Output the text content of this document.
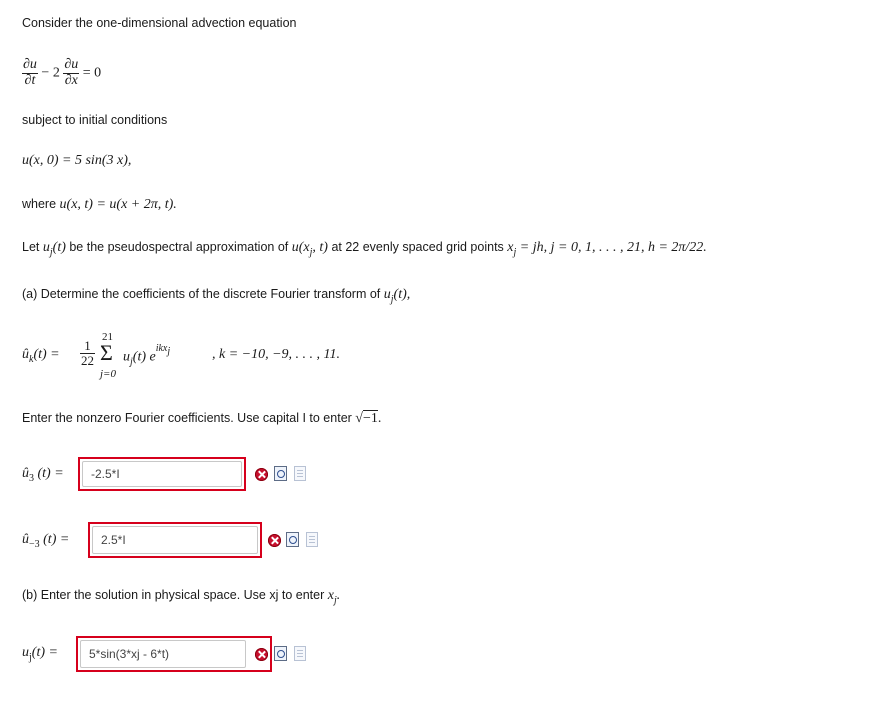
Consider the one-dimensional advection equation
$\frac{\partial u}{\partial t} - 2 \frac{\partial u}{\partial x} = 0$
subject to initial conditions
u(x, 0) = 5 sin(3 x),
where u(x, t) = u(x + 2π, t).
Let $u_j(t)$ be the pseudospectral approximation of $u(x_j$, t) at 22 evenly spaced grid points $x_j$ = jh, j = 0, 1, . . . , 21, h = 2π/22.
(a) Determine the coefficients of the discrete Fourier transform of $u_j(t)$,
$û_k(t) = \frac{1}{22}$
21
Σ
j=0
$u_j(t)$ $e^{ikx_j}$	, k = −10, −9, . . . , 11.
Enter the nonzero Fourier coefficients. Use capital I to enter √−1.
$û_3$ (t) =
-2.5*I
$û_{-3}$ (t) =
2.5*I
(b) Enter the solution in physical space. Use xj to enter $x_j$.
$u_j(t)$ =
5*sin(3*xj - 6*t)
